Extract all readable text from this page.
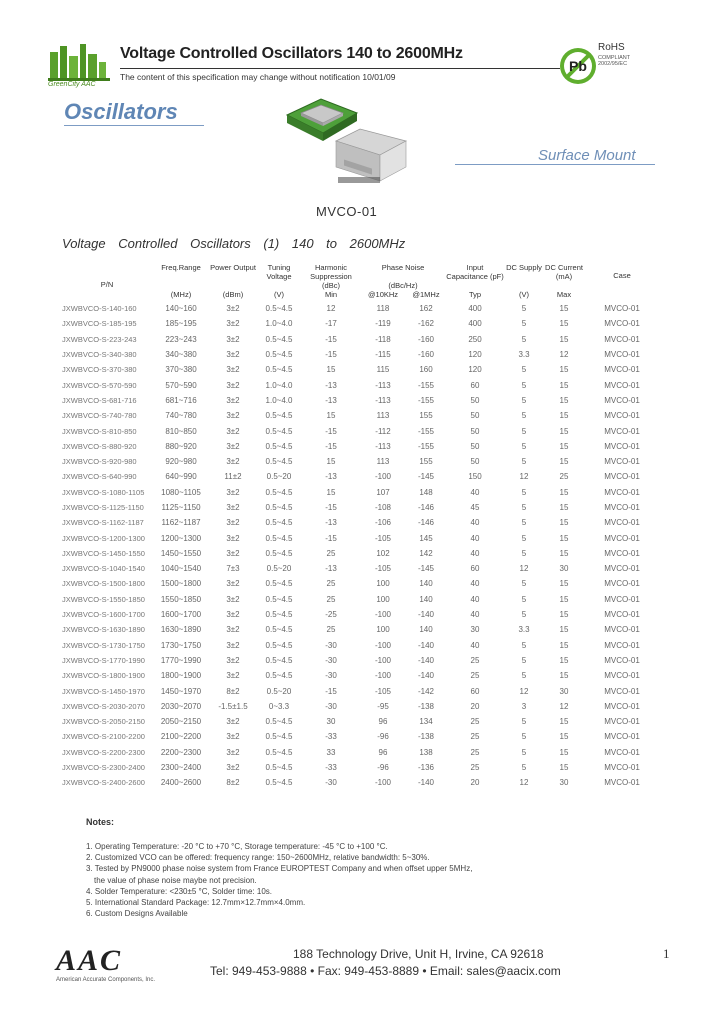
GreenCity AAC
Voltage Controlled Oscillators 140 to 2600MHz
The content of this specification may change without notification 10/01/09
Pb
RoHS
COMPLIANT 2002/95/EC
Oscillators
Surface Mount
MVCO-01
Voltage Controlled Oscillators (1) 140 to 2600MHz
P/N	Freq.Range	Power Output	Tuning Voltage	Harmonic Suppression (dBc)	Phase Noise
(dBc/Hz)		Input Capacitance (pF)	DC Supply	DC Current (mA)	Case
	(MHz)	(dBm)	(V)	Min	@10KHz	@1MHz	Typ	(V)	Max	
JXWBVCO-S-140-160	140~160	3±2	0.5~4.5	12	118	162	400	5	15	MVCO-01
JXWBVCO-S-185-195	185~195	3±2	1.0~4.0	-17	-119	-162	400	5	15	MVCO-01
JXWBVCO-S-223-243	223~243	3±2	0.5~4.5	-15	-118	-160	250	5	15	MVCO-01
JXWBVCO-S-340-380	340~380	3±2	0.5~4.5	-15	-115	-160	120	3.3	12	MVCO-01
JXWBVCO-S-370-380	370~380	3±2	0.5~4.5	15	115	160	120	5	15	MVCO-01
JXWBVCO-S-570-590	570~590	3±2	1.0~4.0	-13	-113	-155	60	5	15	MVCO-01
JXWBVCO-S-681-716	681~716	3±2	1.0~4.0	-13	-113	-155	50	5	15	MVCO-01
JXWBVCO-S-740-780	740~780	3±2	0.5~4.5	15	113	155	50	5	15	MVCO-01
JXWBVCO-S-810-850	810~850	3±2	0.5~4.5	-15	-112	-155	50	5	15	MVCO-01
JXWBVCO-S-880-920	880~920	3±2	0.5~4.5	-15	-113	-155	50	5	15	MVCO-01
JXWBVCO-S-920-980	920~980	3±2	0.5~4.5	15	113	155	50	5	15	MVCO-01
JXWBVCO-S-640-990	640~990	11±2	0.5~20	-13	-100	-145	150	12	25	MVCO-01
JXWBVCO-S-1080-1105	1080~1105	3±2	0.5~4.5	15	107	148	40	5	15	MVCO-01
JXWBVCO-S-1125-1150	1125~1150	3±2	0.5~4.5	-15	-108	-146	45	5	15	MVCO-01
JXWBVCO-S-1162-1187	1162~1187	3±2	0.5~4.5	-13	-106	-146	40	5	15	MVCO-01
JXWBVCO-S-1200-1300	1200~1300	3±2	0.5~4.5	-15	-105	145	40	5	15	MVCO-01
JXWBVCO-S-1450-1550	1450~1550	3±2	0.5~4.5	25	102	142	40	5	15	MVCO-01
JXWBVCO-S-1040-1540	1040~1540	7±3	0.5~20	-13	-105	-145	60	12	30	MVCO-01
JXWBVCO-S-1500-1800	1500~1800	3±2	0.5~4.5	25	100	140	40	5	15	MVCO-01
JXWBVCO-S-1550-1850	1550~1850	3±2	0.5~4.5	25	100	140	40	5	15	MVCO-01
JXWBVCO-S-1600-1700	1600~1700	3±2	0.5~4.5	-25	-100	-140	40	5	15	MVCO-01
JXWBVCO-S-1630-1890	1630~1890	3±2	0.5~4.5	25	100	140	30	3.3	15	MVCO-01
JXWBVCO-S-1730-1750	1730~1750	3±2	0.5~4.5	-30	-100	-140	40	5	15	MVCO-01
JXWBVCO-S-1770-1990	1770~1990	3±2	0.5~4.5	-30	-100	-140	25	5	15	MVCO-01
JXWBVCO-S-1800-1900	1800~1900	3±2	0.5~4.5	-30	-100	-140	25	5	15	MVCO-01
JXWBVCO-S-1450-1970	1450~1970	8±2	0.5~20	-15	-105	-142	60	12	30	MVCO-01
JXWBVCO-S-2030-2070	2030~2070	-1.5±1.5	0~3.3	-30	-95	-138	20	3	12	MVCO-01
JXWBVCO-S-2050-2150	2050~2150	3±2	0.5~4.5	30	96	134	25	5	15	MVCO-01
JXWBVCO-S-2100-2200	2100~2200	3±2	0.5~4.5	-33	-96	-138	25	5	15	MVCO-01
JXWBVCO-S-2200-2300	2200~2300	3±2	0.5~4.5	33	96	138	25	5	15	MVCO-01
JXWBVCO-S-2300-2400	2300~2400	3±2	0.5~4.5	-33	-96	-136	25	5	15	MVCO-01
JXWBVCO-S-2400-2600	2400~2600	8±2	0.5~4.5	-30	-100	-140	20	12	30	MVCO-01
Notes:
1. Operating Temperature: -20 °C to +70 °C, Storage temperature: -45 °C to +100 °C.
2. Customized VCO can be offered: frequency range: 150~2600MHz, relative bandwidth: 5~30%.
3. Tested by PN9000 phase noise system from France EUROPTEST Company and when offset upper 5MHz,
the value of phase noise maybe not precision.
4. Solder Temperature: <230±5 °C, Solder time: 10s.
5. International Standard Package: 12.7mm×12.7mm×4.0mm.
6. Custom Designs Available
AAC
American Accurate Components, Inc.
188 Technology Drive, Unit H, Irvine, CA 92618
Tel: 949-453-9888 • Fax: 949-453-8889 • Email: sales@aacix.com
1
